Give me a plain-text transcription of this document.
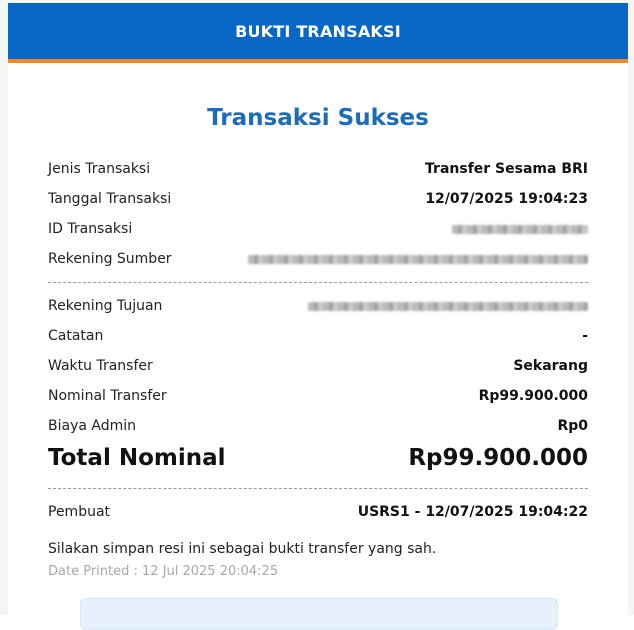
BUKTI TRANSAKSI
Transaksi Sukses
Jenis Transaksi	Transfer Sesama BRI
Tanggal Transaksi	12/07/2025 19:04:23
ID Transaksi
Rekening Sumber
Rekening Tujuan
Catatan	-
Waktu Transfer	Sekarang
Nominal Transfer	Rp99.900.000
Biaya Admin	Rp0
Total Nominal	Rp99.900.000
Pembuat	USRS1 - 12/07/2025 19:04:22
Silakan simpan resi ini sebagai bukti transfer yang sah.
Date Printed : 12 Jul 2025 20:04:25
